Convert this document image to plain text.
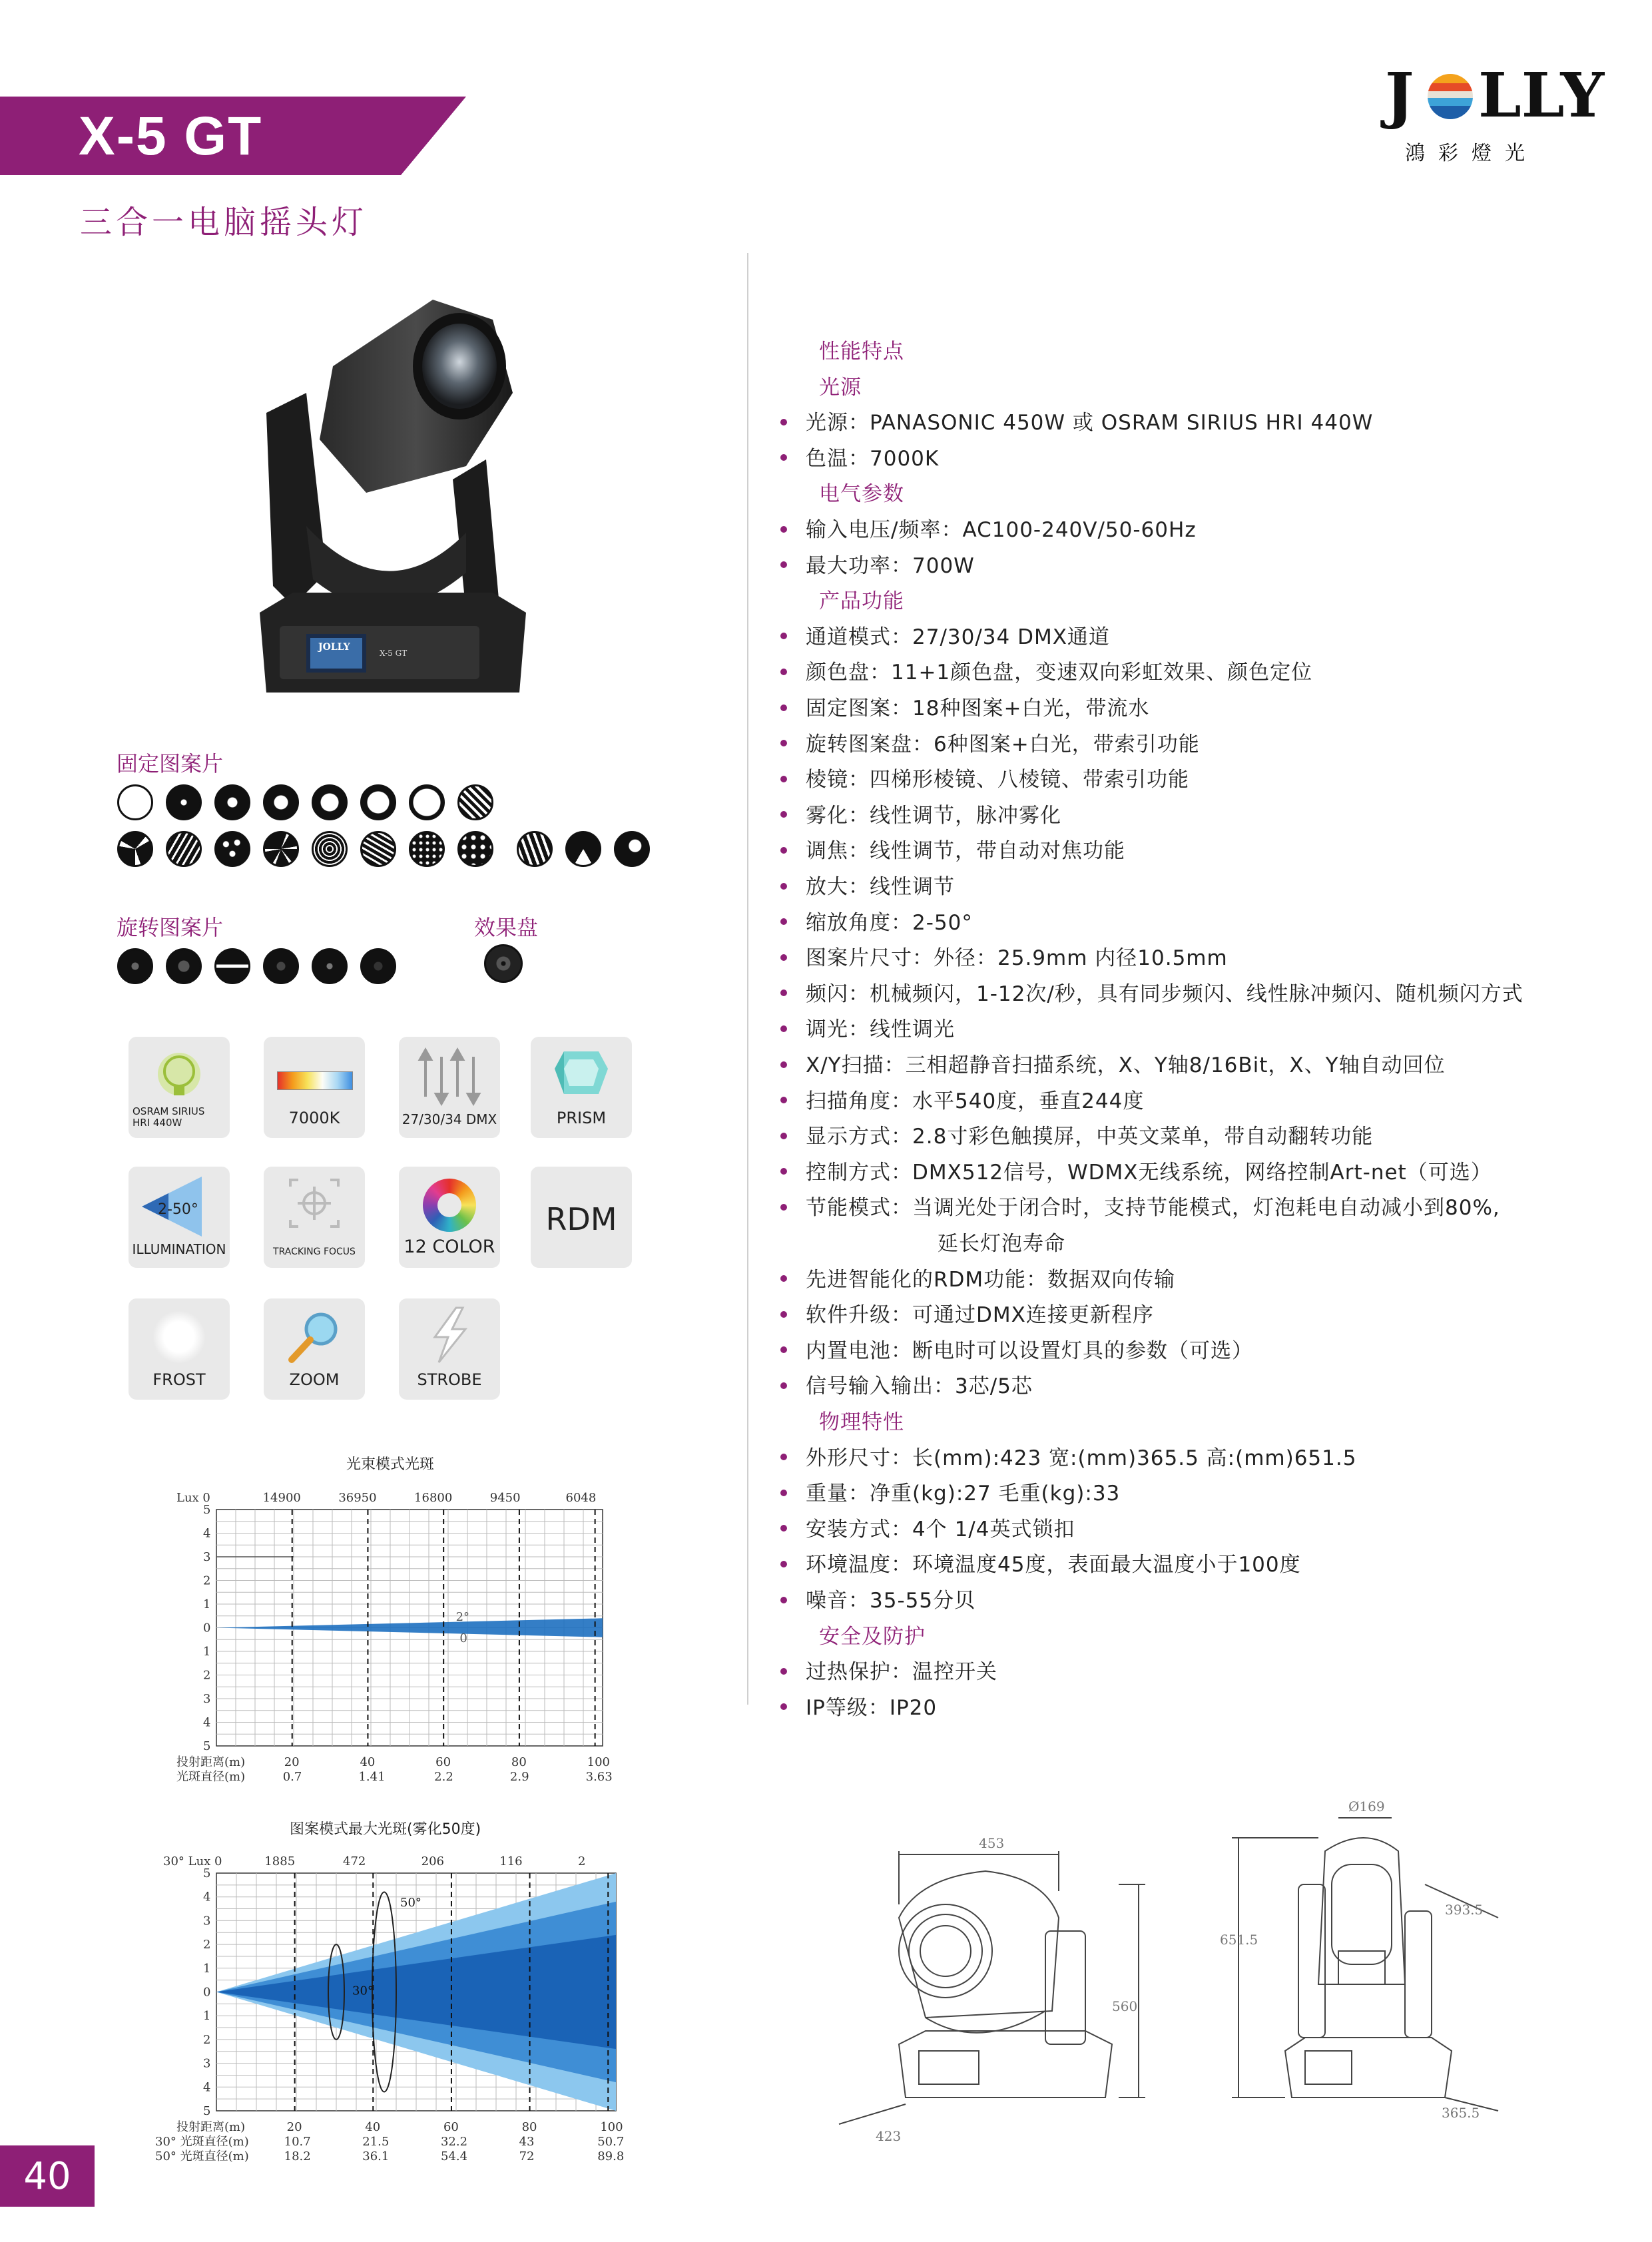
X-5 GT
三合一电脑摇头灯
J LLY
鴻彩燈光
JOLLY
X-5 GT
固定图案片
旋转图案片	效果盘
OSRAM SIRIUS HRI 440W	7000K	27/30/34 DMX	PRISM
2-50°
ILLUMINATION	TRACKING FOCUS	12 COLOR
RDM
FROST	ZOOM	STROBE
光束模式光斑
5
4
3
2
1
0
1
2
3
4
5
Lux 0	14900	36950	16800	9450	6048
投射距离(m)
光斑直径(m)
20	40	60	80	100
0.7	1.41	2.2	2.9	3.63
2°
0
图案模式最大光斑(雾化50度)
5
4
3
2
1
0
1
2
3
4
5
30° Lux 0	1885	472	206	116	2
投射距离(m)
30° 光斑直径(m)
50° 光斑直径(m)
20	40	60	80	100
10.7	21.5	32.2	43	50.7
18.2	36.1	54.4	72	89.8
30°
50°
性能特点
光源
光源：PANASONIC 450W 或 OSRAM SIRIUS HRI 440W
色温：7000K
电气参数
输入电压/频率：AC100-240V/50-60Hz
最大功率：700W
产品功能
通道模式：27/30/34 DMX通道
颜色盘：11+1颜色盘，变速双向彩虹效果、颜色定位
固定图案：18种图案+白光，带流水
旋转图案盘：6种图案+白光，带索引功能
棱镜：四梯形棱镜、八棱镜、带索引功能
雾化：线性调节，脉冲雾化
调焦：线性调节，带自动对焦功能
放大：线性调节
缩放角度：2-50°
图案片尺寸：外径：25.9mm 内径10.5mm
频闪：机械频闪，1-12次/秒，具有同步频闪、线性脉冲频闪、随机频闪方式
调光：线性调光
X/Y扫描：三相超静音扫描系统，X、Y轴8/16Bit，X、Y轴自动回位
扫描角度：水平540度，垂直244度
显示方式：2.8寸彩色触摸屏，中英文菜单，带自动翻转功能
控制方式：DMX512信号，WDMX无线系统，网络控制Art-net（可选）
节能模式：当调光处于闭合时，支持节能模式，灯泡耗电自动减小到80%,
延长灯泡寿命
先进智能化的RDM功能：数据双向传输
软件升级：可通过DMX连接更新程序
内置电池：断电时可以设置灯具的参数（可选）
信号输入输出：3芯/5芯
物理特性
外形尺寸：长(mm):423 宽:(mm)365.5 高:(mm)651.5
重量：净重(kg):27 毛重(kg):33
安装方式：4个 1/4英式锁扣
环境温度：环境温度45度，表面最大温度小于100度
噪音：35-55分贝
安全及防护
过热保护：温控开关
IP等级：IP20
453
560
423
Ø169
651.5
393.5
365.5
40
